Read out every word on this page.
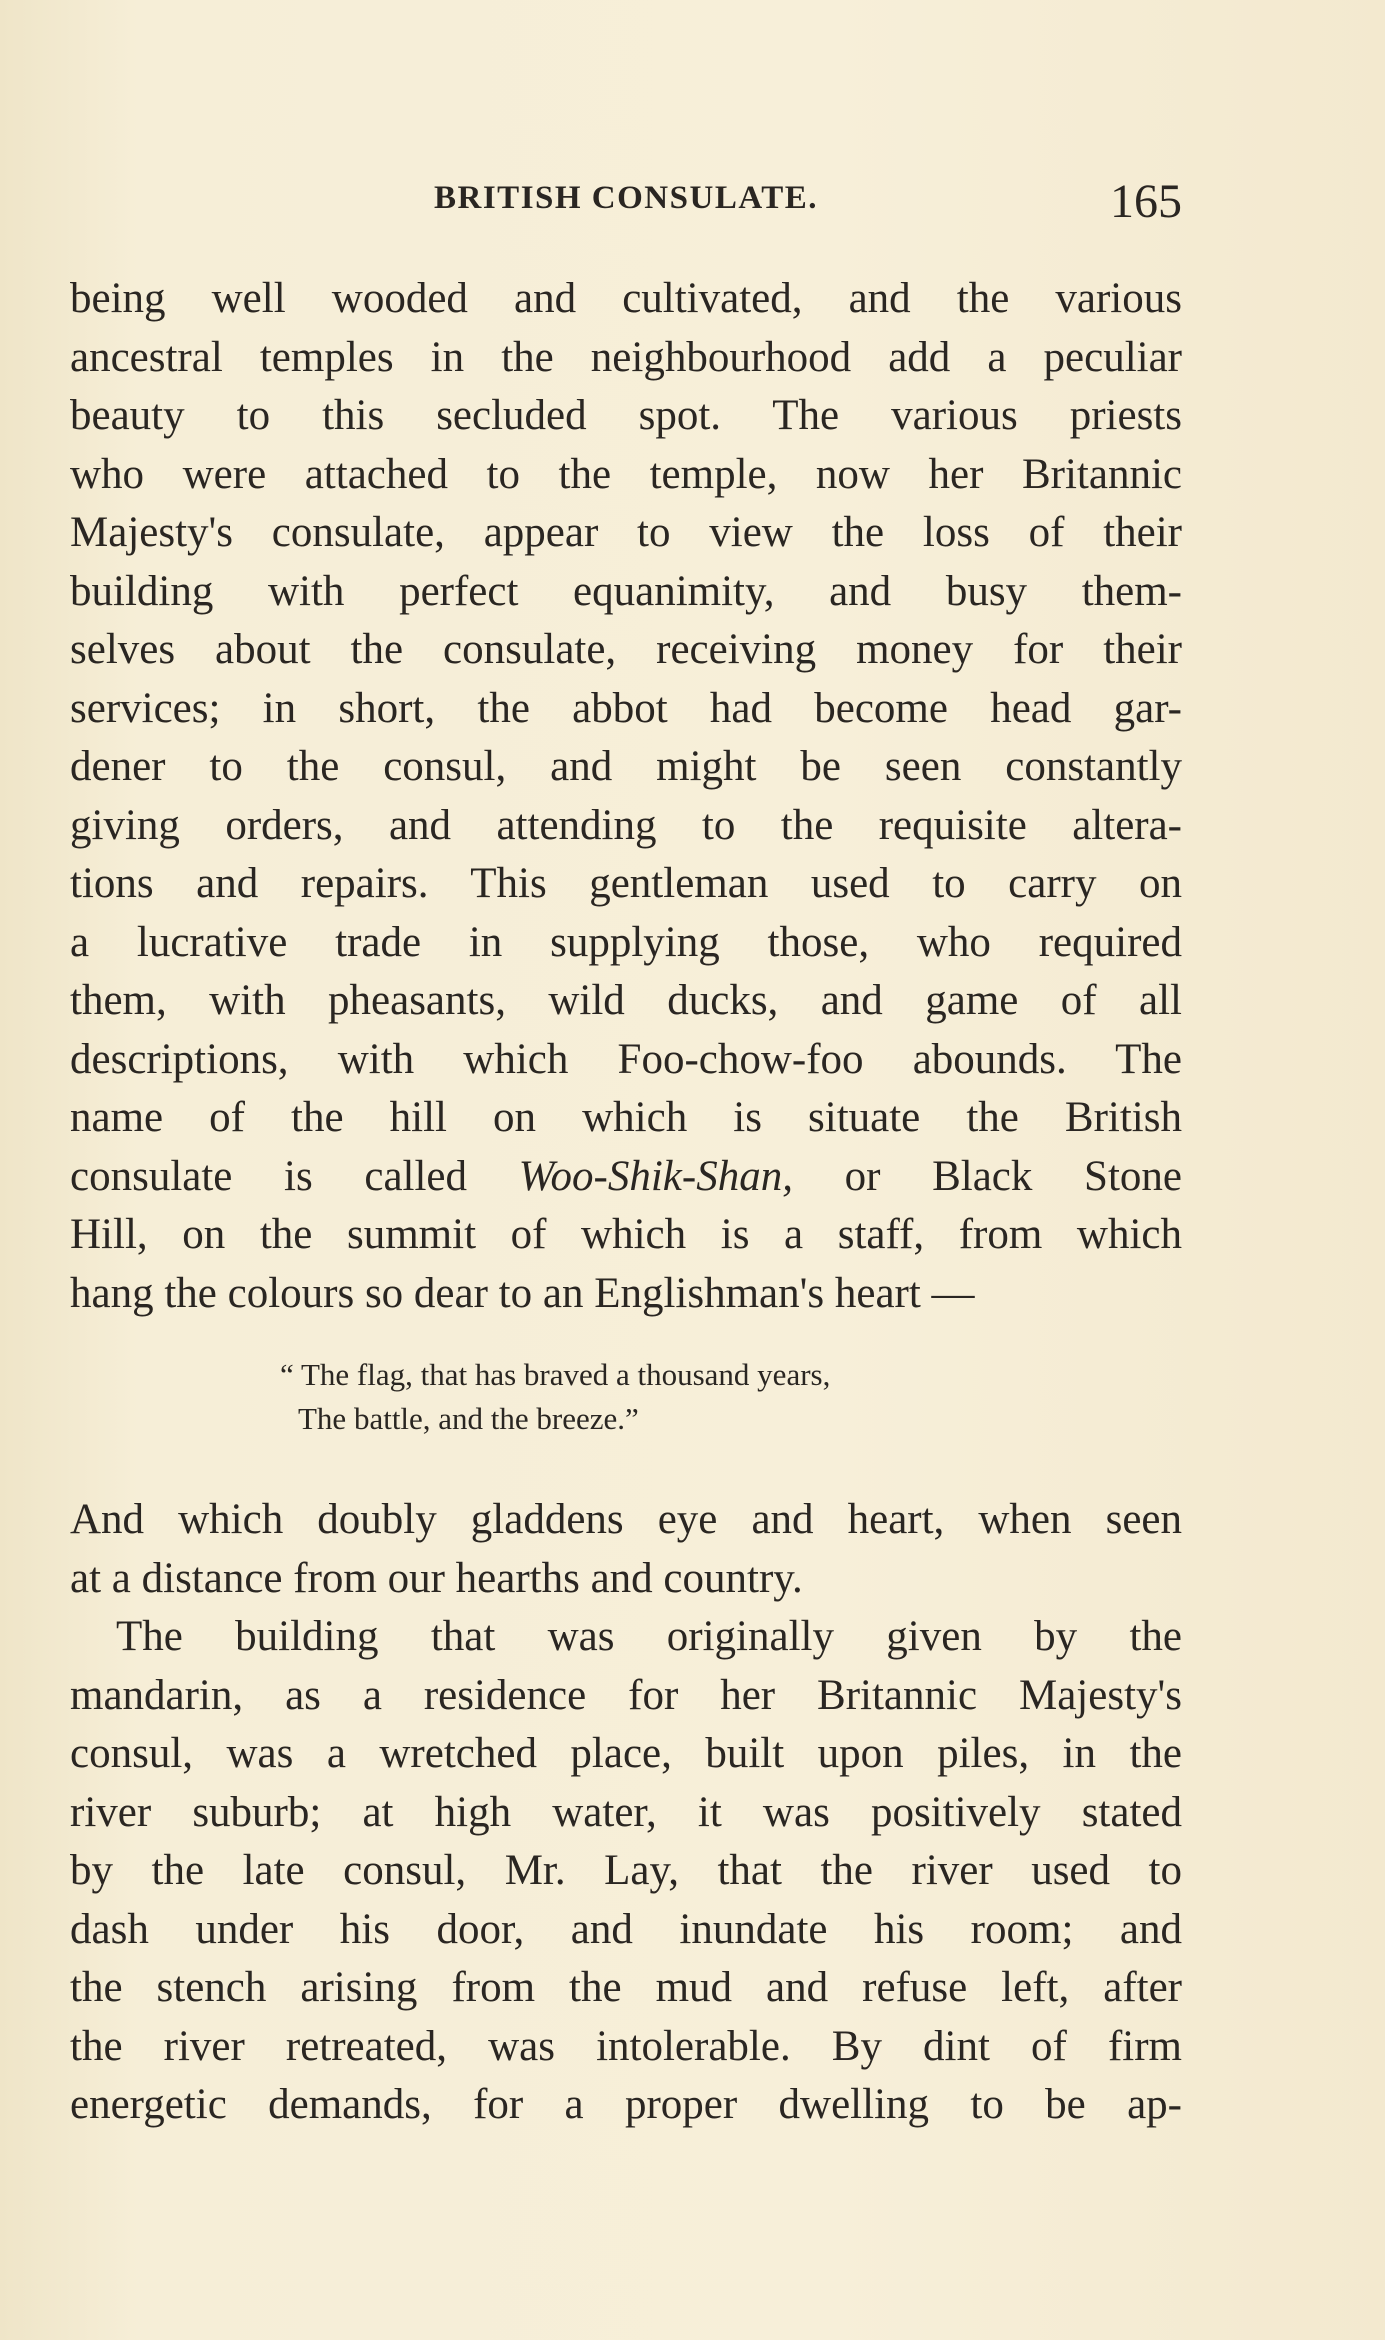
BRITISH CONSULATE.	165
being well wooded and cultivated, and the various
ancestral temples in the neighbourhood add a peculiar
beauty to this secluded spot. The various priests
who were attached to the temple, now her Britannic
Majesty's consulate, appear to view the loss of their
building with perfect equanimity, and busy them-
selves about the consulate, receiving money for their
services; in short, the abbot had become head gar-
dener to the consul, and might be seen constantly
giving orders, and attending to the requisite altera-
tions and repairs. This gentleman used to carry on
a lucrative trade in supplying those, who required
them, with pheasants, wild ducks, and game of all
descriptions, with which Foo-chow-foo abounds. The
name of the hill on which is situate the British
consulate is called Woo-Shik-Shan, or Black Stone
Hill, on the summit of which is a staff, from which
hang the colours so dear to an Englishman's heart —
“ The flag, that has braved a thousand years,
The battle, and the breeze.”
And which doubly gladdens eye and heart, when seen
at a distance from our hearths and country.
The building that was originally given by the
mandarin, as a residence for her Britannic Majesty's
consul, was a wretched place, built upon piles, in the
river suburb; at high water, it was positively stated
by the late consul, Mr. Lay, that the river used to
dash under his door, and inundate his room; and
the stench arising from the mud and refuse left, after
the river retreated, was intolerable. By dint of firm
energetic demands, for a proper dwelling to be ap-
